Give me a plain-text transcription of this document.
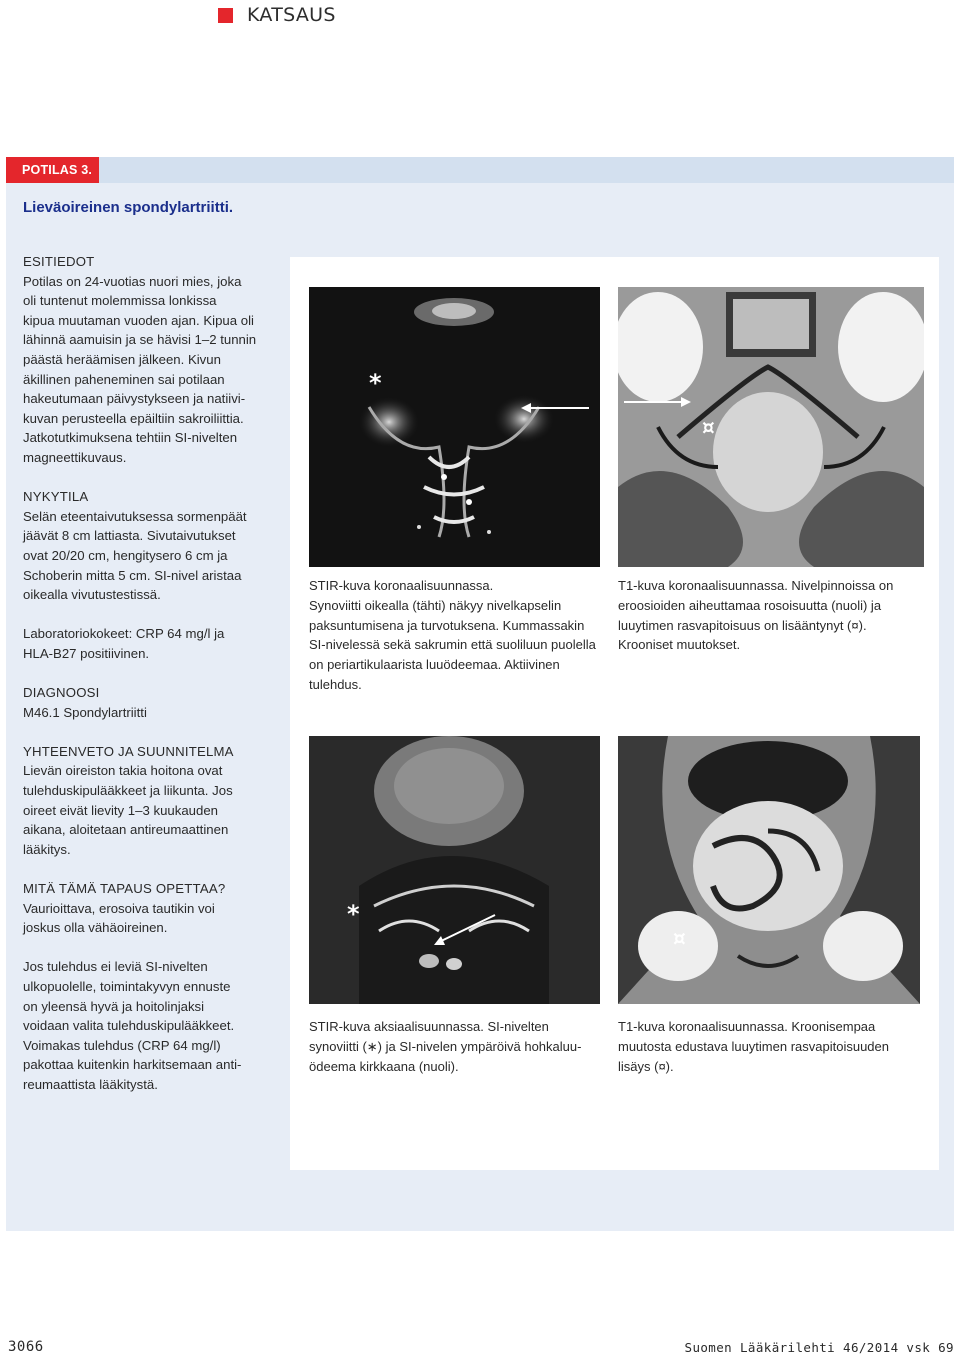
KATSAUS
POTILAS 3.
Lieväoireinen spondylartriitti.
ESITIEDOT
Potilas on 24-vuotias nuori mies, joka
oli tuntenut molemmissa lonkissa
kipua muutaman vuoden ajan. Kipua oli
lähinnä aamuisin ja se hävisi 1–2 tunnin
päästä heräämisen jälkeen. Kivun
äkillinen paheneminen sai potilaan
hakeutumaan päivystykseen ja natiivi-
kuvan perusteella epäiltiin sakroiliittia.
Jatkotutkimuksena tehtiin SI-nivelten
magneettikuvaus.
NYKYTILA
Selän eteentaivutuksessa sormenpäät
jäävät 8 cm lattiasta. Sivutaivutukset
ovat 20/20 cm, hengitysero 6 cm ja
Schoberin mitta 5 cm. SI-nivel aristaa
oikealla vivutustestissä.
Laboratoriokokeet: CRP 64 mg/l ja
HLA-B27 positiivinen.
DIAGNOOSI
M46.1 Spondylartriitti
YHTEENVETO JA SUUNNITELMA
Lievän oireiston takia hoitona ovat
tulehduskipulääkkeet ja liikunta. Jos
oireet eivät lievity 1–3 kuukauden
aikana, aloitetaan antireumaattinen
lääkitys.
MITÄ TÄMÄ TAPAUS OPETTAA?
Vaurioittava, erosoiva tautikin voi
joskus olla vähäoireinen.
Jos tulehdus ei leviä SI-nivelten
ulkopuolelle, toimintakyvyn ennuste
on yleensä hyvä ja hoitolinjaksi
voidaan valita tulehduskipulääkkeet.
Voimakas tulehdus (CRP 64 mg/l)
pakottaa kuitenkin harkitsemaan anti-
reumaattista lääkitystä.
*
¤
STIR-kuva koronaalisuunnassa.
Synoviitti oikealla (tähti) näkyy nivelkapselin
paksuntumisena ja turvotuksena. Kummassakin
SI-nivelessä sekä sakrumin että suoliluun puolella
on periartikulaarista luuödeemaa. Aktiivinen
tulehdus.
T1-kuva koronaalisuunnassa. Nivelpinnoissa on
eroosioiden aiheuttamaa rosoisuutta (nuoli) ja
luuytimen rasvapitoisuus on lisääntynyt (¤).
Krooniset muutokset.
*
¤
STIR-kuva aksiaalisuunnassa. SI-nivelten
synoviitti (∗) ja SI-nivelen ympäröivä hohkaluu-
ödeema kirkkaana (nuoli).
T1-kuva koronaalisuunnassa. Kroonisempaa
muutosta edustava luuytimen rasvapitoisuuden
lisäys (¤).
3066	Suomen Lääkärilehti 46/2014 vsk 69
